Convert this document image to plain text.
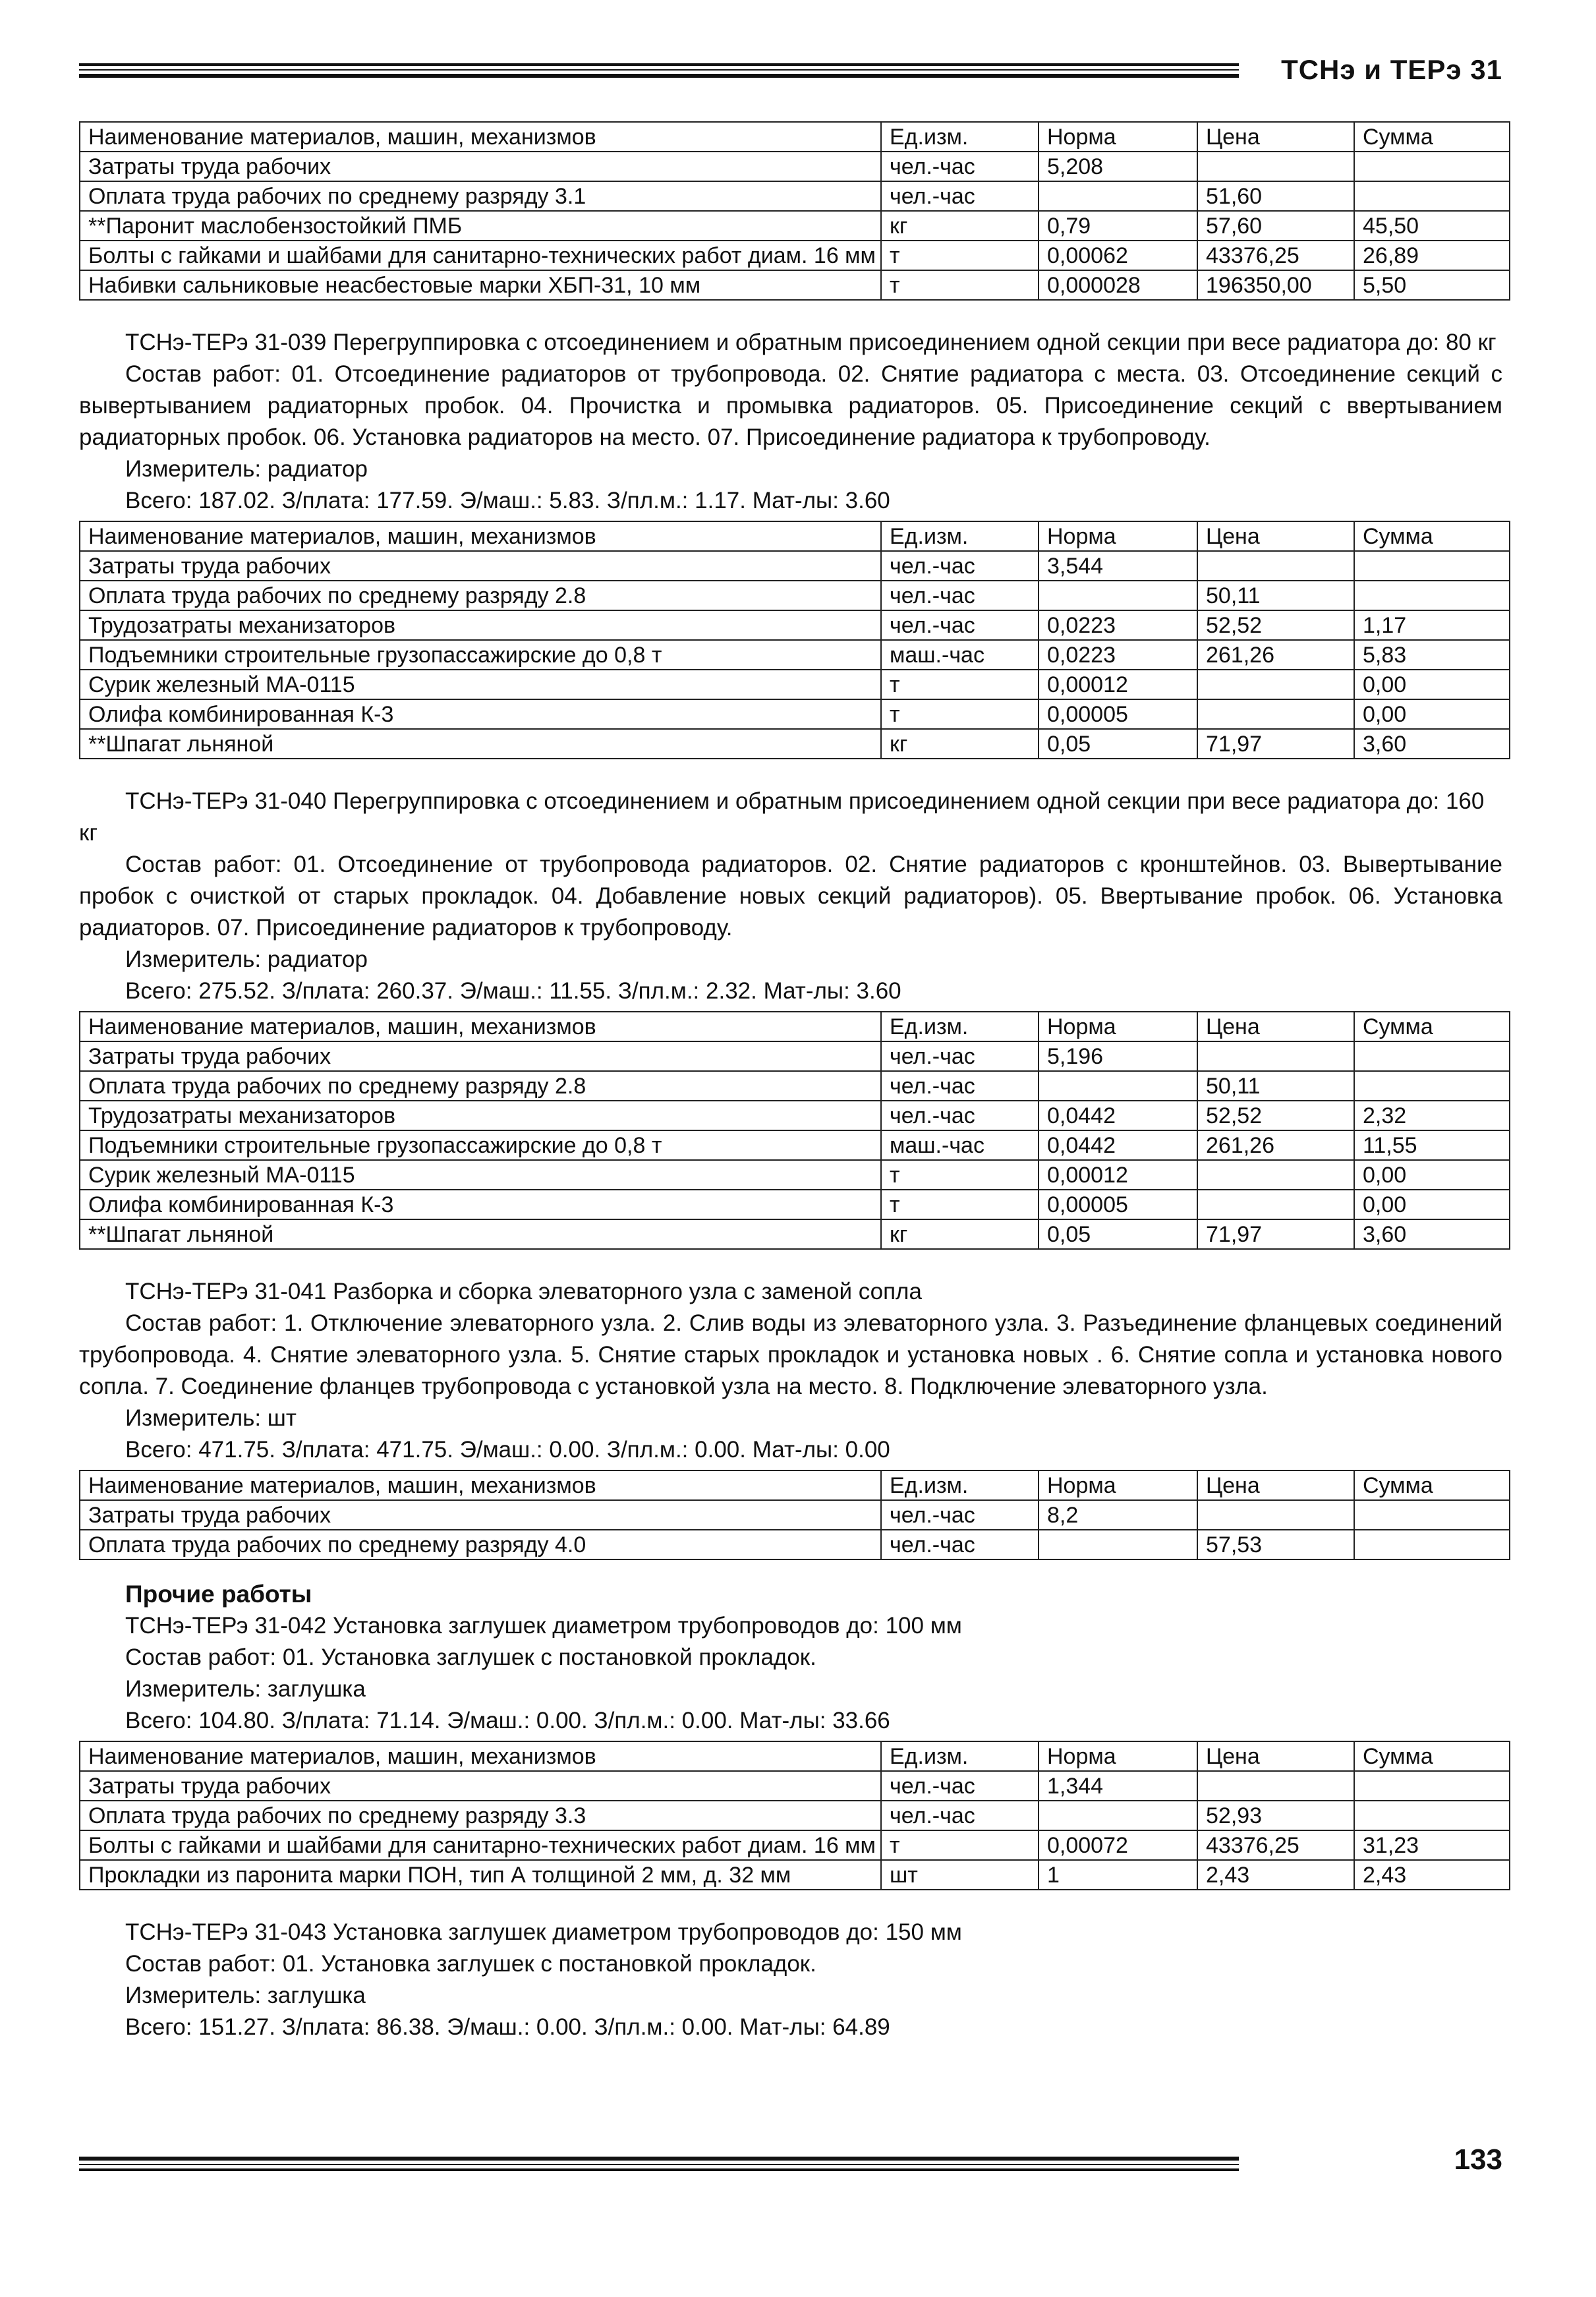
ТСНэ и ТЕРэ 31
Наименование материалов, машин, механизмов	Ед.изм.	Норма	Цена	Сумма
Затраты труда рабочих	чел.-час	5,208		
Оплата труда рабочих по среднему разряду 3.1	чел.-час		51,60	
**Паронит маслобензостойкий ПМБ	кг	0,79	57,60	45,50
Болты с гайками и шайбами для санитарно-технических работ диам. 16 мм	т	0,00062	43376,25	26,89
Набивки сальниковые неасбестовые марки ХБП-31, 10 мм	т	0,000028	196350,00	5,50

ТСНэ-ТЕРэ 31-039 Перегруппировка с отсоединением и обратным присоединением одной секции при весе радиатора до: 80 кг

Состав работ: 01. Отсоединение радиаторов от трубопровода. 02. Снятие радиатора с места. 03. Отсоединение секций с вывертыванием радиаторных пробок. 04. Прочистка и промывка радиаторов. 05. Присоединение секций с ввертыванием радиаторных пробок. 06. Установка радиаторов на место. 07. Присоединение радиатора к трубопроводу.

Измеритель: радиатор

Всего: 187.02. З/плата: 177.59. Э/маш.: 5.83. З/пл.м.: 1.17. Мат-лы: 3.60

Наименование материалов, машин, механизмов	Ед.изм.	Норма	Цена	Сумма
Затраты труда рабочих	чел.-час	3,544		
Оплата труда рабочих по среднему разряду 2.8	чел.-час		50,11	
Трудозатраты механизаторов	чел.-час	0,0223	52,52	1,17
Подъемники строительные грузопассажирские до 0,8 т	маш.-час	0,0223	261,26	5,83
Сурик железный МА-0115	т	0,00012		0,00
Олифа комбинированная К-3	т	0,00005		0,00
**Шпагат льняной	кг	0,05	71,97	3,60

ТСНэ-ТЕРэ 31-040 Перегруппировка с отсоединением и обратным присоединением одной секции при весе радиатора до: 160 кг

Состав работ: 01. Отсоединение от трубопровода радиаторов. 02. Снятие радиаторов с кронштейнов. 03. Вывертывание пробок с очисткой от старых прокладок. 04. Добавление новых секций радиаторов). 05. Ввертывание пробок. 06. Установка радиаторов. 07. Присоединение радиаторов к трубопроводу.

Измеритель: радиатор

Всего: 275.52. З/плата: 260.37. Э/маш.: 11.55. З/пл.м.: 2.32. Мат-лы: 3.60

Наименование материалов, машин, механизмов	Ед.изм.	Норма	Цена	Сумма
Затраты труда рабочих	чел.-час	5,196		
Оплата труда рабочих по среднему разряду 2.8	чел.-час		50,11	
Трудозатраты механизаторов	чел.-час	0,0442	52,52	2,32
Подъемники строительные грузопассажирские до 0,8 т	маш.-час	0,0442	261,26	11,55
Сурик железный МА-0115	т	0,00012		0,00
Олифа комбинированная К-3	т	0,00005		0,00
**Шпагат льняной	кг	0,05	71,97	3,60

ТСНэ-ТЕРэ 31-041 Разборка и сборка элеваторного узла с заменой сопла

Состав работ: 1. Отключение элеваторного узла. 2. Слив воды из элеваторного узла. 3. Разъединение фланцевых соединений трубопровода. 4. Снятие элеваторного узла. 5. Снятие старых прокладок и установка новых . 6. Снятие сопла и установка нового сопла. 7. Соединение фланцев трубопровода с установкой узла на место. 8. Подключение элеваторного узла.

Измеритель: шт

Всего: 471.75. З/плата: 471.75. Э/маш.: 0.00. З/пл.м.: 0.00. Мат-лы: 0.00

Наименование материалов, машин, механизмов	Ед.изм.	Норма	Цена	Сумма
Затраты труда рабочих	чел.-час	8,2		
Оплата труда рабочих по среднему разряду 4.0	чел.-час		57,53	

Прочие работы

ТСНэ-ТЕРэ 31-042 Установка заглушек диаметром трубопроводов до: 100 мм

Состав работ: 01. Установка заглушек с постановкой прокладок.

Измеритель: заглушка

Всего: 104.80. З/плата: 71.14. Э/маш.: 0.00. З/пл.м.: 0.00. Мат-лы: 33.66

Наименование материалов, машин, механизмов	Ед.изм.	Норма	Цена	Сумма
Затраты труда рабочих	чел.-час	1,344		
Оплата труда рабочих по среднему разряду 3.3	чел.-час		52,93	
Болты с гайками и шайбами для санитарно-технических работ диам. 16 мм	т	0,00072	43376,25	31,23
Прокладки из паронита марки ПОН, тип А толщиной 2 мм, д. 32 мм	шт	1	2,43	2,43

ТСНэ-ТЕРэ 31-043 Установка заглушек диаметром трубопроводов до: 150 мм

Состав работ: 01. Установка заглушек с постановкой прокладок.

Измеритель: заглушка

Всего: 151.27. З/плата: 86.38. Э/маш.: 0.00. З/пл.м.: 0.00. Мат-лы: 64.89

133
